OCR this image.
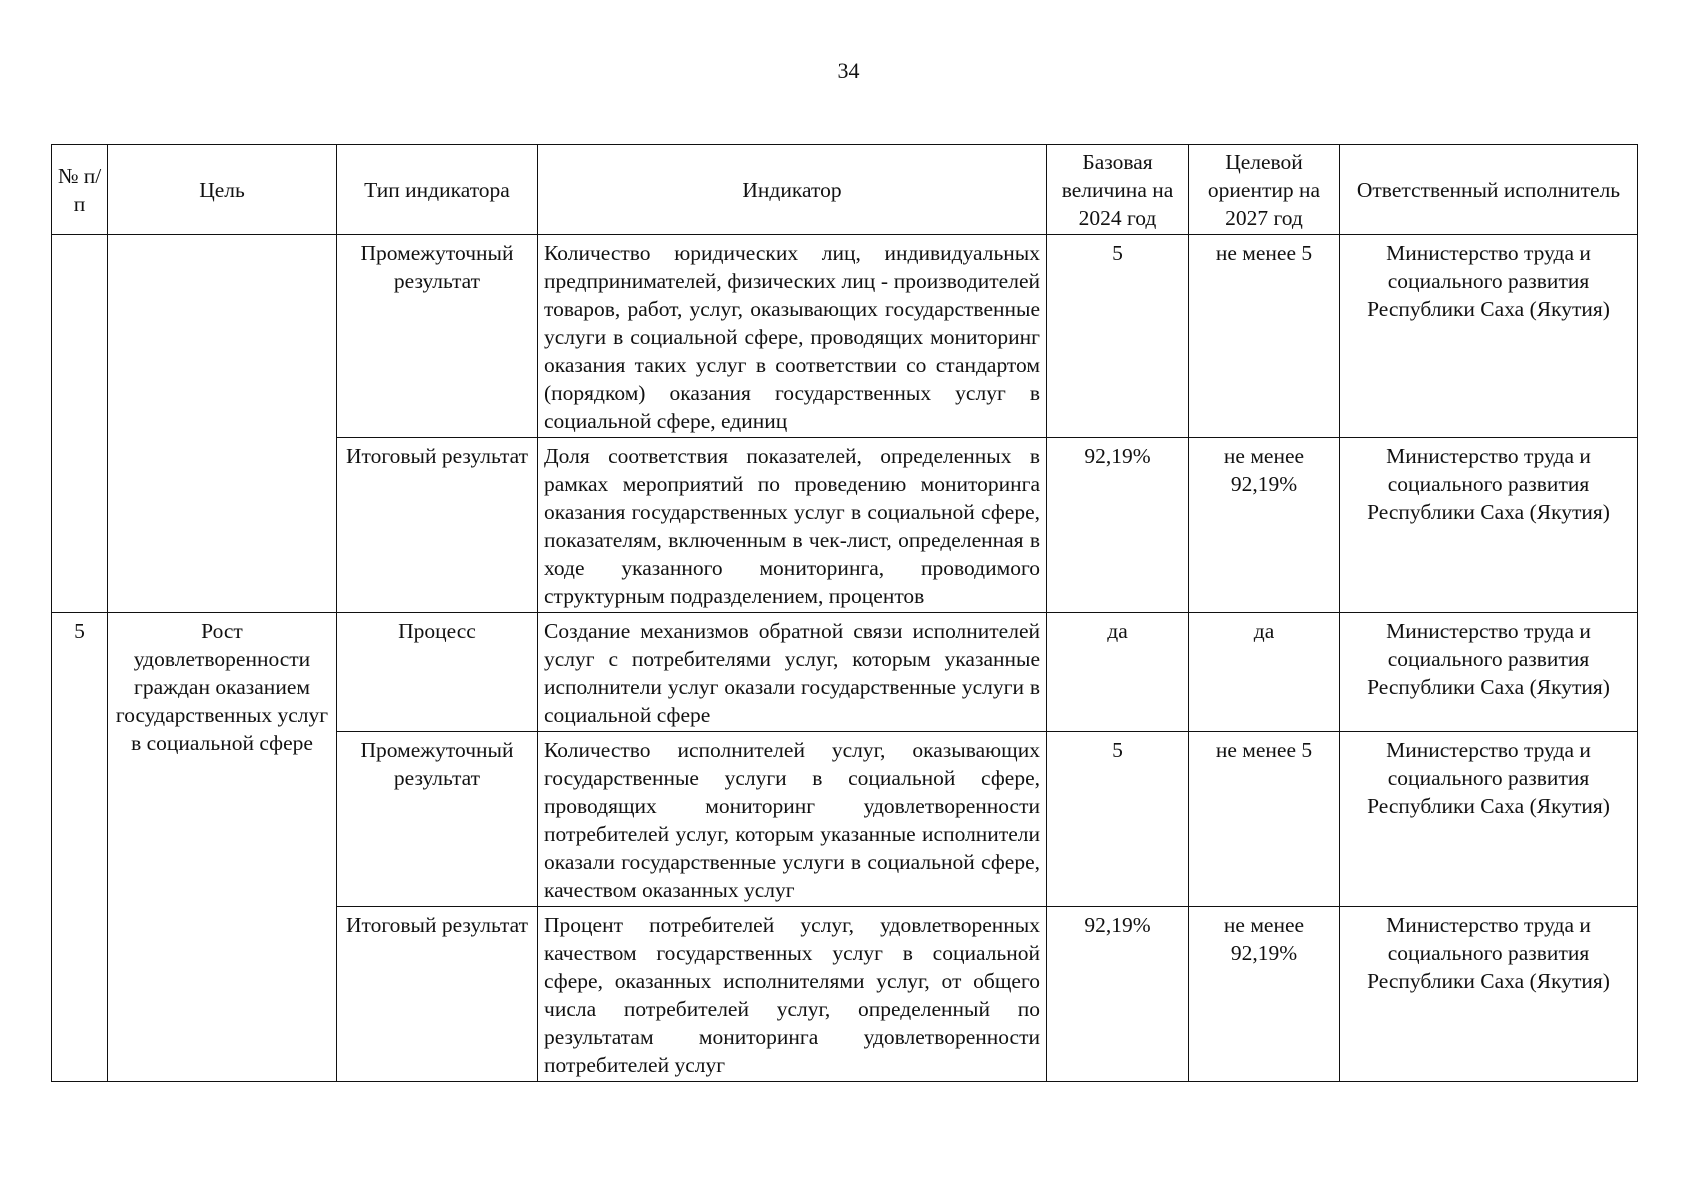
34
№ п/п	Цель	Тип индикатора	Индикатор	Базовая величина на 2024 год	Целевой ориентир на 2027 год	Ответственный исполнитель
		Промежуточный результат	Количество юридических лиц, индивидуальных предпринимателей, физических лиц - производителей товаров, работ, услуг, оказывающих государственные услуги в социальной сфере, проводящих мониторинг оказания таких услуг в соответствии со стандартом (порядком) оказания государственных услуг в социальной сфере, единиц	5	не менее 5	Министерство труда и социального развития Республики Саха (Якутия)
		Итоговый результат	Доля соответствия показателей, определенных в рамках мероприятий по проведению мониторинга оказания государственных услуг в социальной сфере, показателям, включенным в чек-лист, определенная в ходе указанного мониторинга, проводимого структурным подразделением, процентов	92,19%	не менее 92,19%	Министерство труда и социального развития Республики Саха (Якутия)
5	Рост удовлетворенности граждан оказанием государственных услуг в социальной сфере	Процесс	Создание механизмов обратной связи исполнителей услуг с потребителями услуг, которым указанные исполнители услуг оказали государственные услуги в социальной сфере	да	да	Министерство труда и социального развития Республики Саха (Якутия)
		Промежуточный результат	Количество исполнителей услуг, оказывающих государственные услуги в социальной сфере, проводящих мониторинг удовлетворенности потребителей услуг, которым указанные исполнители оказали государственные услуги в социальной сфере, качеством оказанных услуг	5	не менее 5	Министерство труда и социального развития Республики Саха (Якутия)
		Итоговый результат	Процент потребителей услуг, удовлетворенных качеством государственных услуг в социальной сфере, оказанных исполнителями услуг, от общего числа потребителей услуг, определенный по результатам мониторинга удовлетворенности потребителей услуг	92,19%	не менее 92,19%	Министерство труда и социального развития Республики Саха (Якутия)
